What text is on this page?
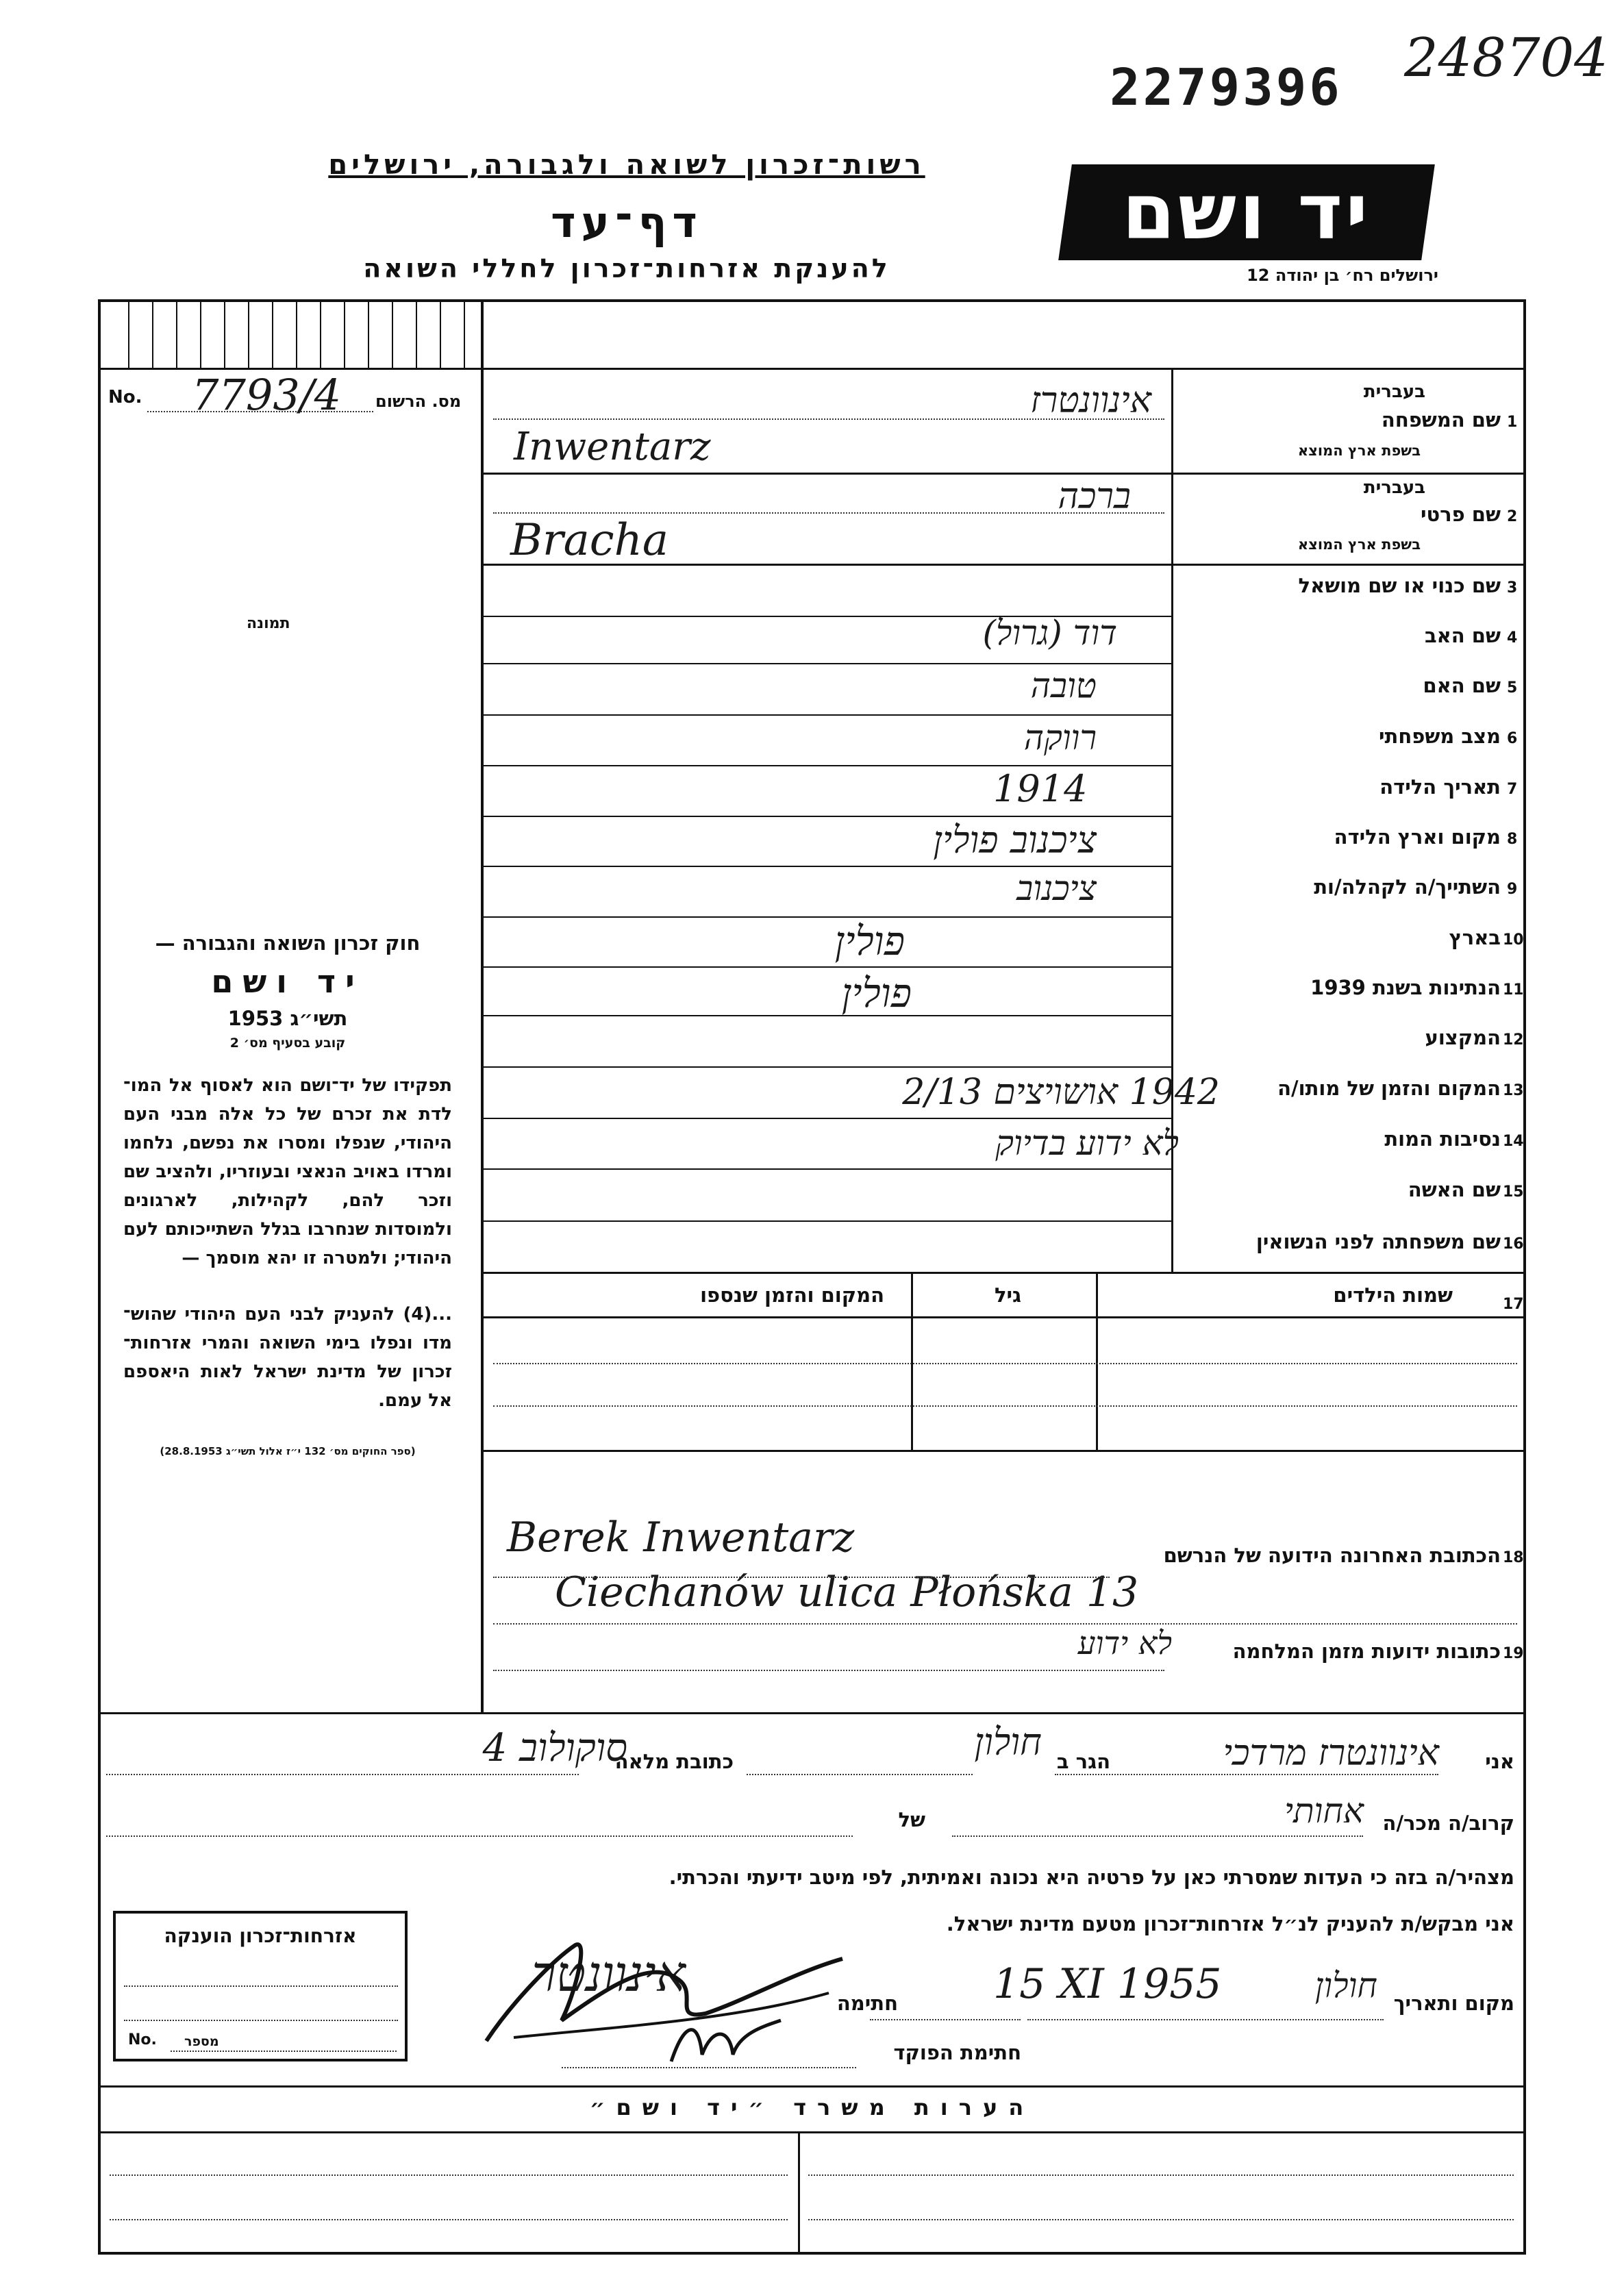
2279396 248704
רשות־זכרון לשואה ולגבורה, ירושלים
דף־עד
להענקת אזרחות־זכרון לחללי השואה
יד ושם
ירושלים רח׳ בן יהודה 12
No. 7793/4 מס. הרשום
תמונה
חוק זכרון השואה והגבורה —
יד ושם
תשי״ג 1953
קובע בסעיף מס׳ 2
תפקידו של יד־ושם הוא לאסוף אל המו־ לדת את זכרם של כל אלה מבני העם היהודי, שנפלו ומסרו את נפשם, נלחמו ומרדו באויב הנאצי ובעוזריו, ולהציב שם וזכר להם, לקהילות, לארגונים ולמוסדות שנחרבו בגלל השתייכותם לעם היהודי; ולמטרה זו יהא מוסמך —
...(4) להעניק לבני העם היהודי שהוש־ מדו ונפלו בימי השואה והמרי אזרחות־ זכרון של מדינת ישראל לאות היאספם אל עמם.
(ספר החוקים מס׳ 132 י״ז אלול תשי״ג 28.8.1953)
1
שם המשפחה
בעברית
בשפת ארץ המוצא
אינוונטרז
Inwentarz
2
שם פרטי
בעברית
בשפת ארץ המוצא
ברכה
Bracha
3
שם כנוי או שם מושאל
4
שם האב
דוד (גרול)
5
שם האם
טובה
6
מצב משפחתי
רווקה
7
תאריך הלידה
1914
8
מקום וארץ הלידה
ציכנוב פולין
9
השתייך/ה לקהלה/ות
ציכנוב
10
בארץ
פולין
11
הנתינות בשנת 1939
פולין
12
המקצוע
13
המקום והזמן של מותו/ה
1942 אושויצים 2/13
14
נסיבות המות
לא ידוע בדיוק
15
שם האשה
16
שם משפחתה לפני הנשואין
17
שמות הילדים
גיל
המקום והזמן שנספו
18
הכתובת האחרונה הידועה של הנרשם
Berek Inwentarz
Ciechanów ulica Płońska 13
19
כתובות ידועות מזמן המלחמה
לא ידוע
אני
אינוונטרז מרדכי
הגר ב
חולון
כתובת מלאה
סוקולוב 4
קרוב/ה מכר/ה
אחותי
של
מצהיר/ה בזה כי העדות שמסרתי כאן על פרטיה היא נכונה ואמיתית, לפי מיטב ידיעתי והכרתי.
אני מבקש/ת להעניק לנ״ל אזרחות־זכרון מטעם מדינת ישראל.
מקום ותאריך
חולון
15 XI 1955
חתימה
אינוונטר
חתימת הפוקד
אזרחות־זכרון הוענקה
No. מספר
הערות משרד ״יד ושם״
